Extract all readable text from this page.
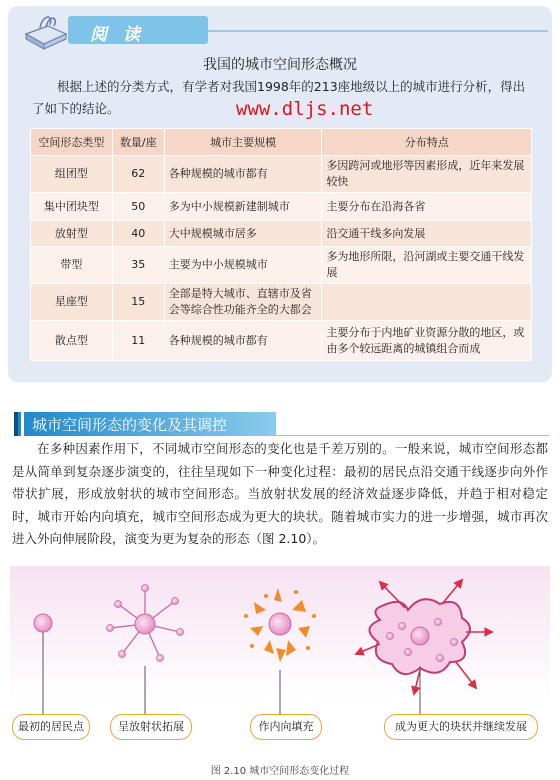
阅读
我国的城市空间形态概况
根据上述的分类方式，有学者对我国1998年的213座地级以上的城市进行分析，得出了如下的结论。	www.dljs.net
空间形态类型	数量/座	城市主要规模	分布特点
组团型	62	各种规模的城市都有	多因跨河或地形等因素形成，近年来发展较快
集中团块型	50	多为中小规模新建制城市	主要分布在沿海各省
放射型	40	大中规模城市居多	沿交通干线多向发展
带型	35	主要为中小规模城市	多为地形所限，沿河湖或主要交通干线发展
星座型	15	全部是特大城市、直辖市及省会等综合性功能齐全的大都会	
散点型	11	各种规模的城市都有	主要分布于内地矿业资源分散的地区，或由多个较远距离的城镇组合而成
城市空间形态的变化及其调控
在多种因素作用下，不同城市空间形态的变化也是千差万别的。一般来说，城市空间形态都是从简单到复杂逐步演变的，往往呈现如下一种变化过程：最初的居民点沿交通干线逐步向外作带状扩展，形成放射状的城市空间形态。当放射状发展的经济效益逐步降低，并趋于相对稳定时，城市开始内向填充，城市空间形态成为更大的块状。随着城市实力的进一步增强，城市再次进入外向伸展阶段，演变为更为复杂的形态（图 2.10）。
最初的居民点	呈放射状拓展	作内向填充	成为更大的块状并继续发展
图 2.10 城市空间形态变化过程
